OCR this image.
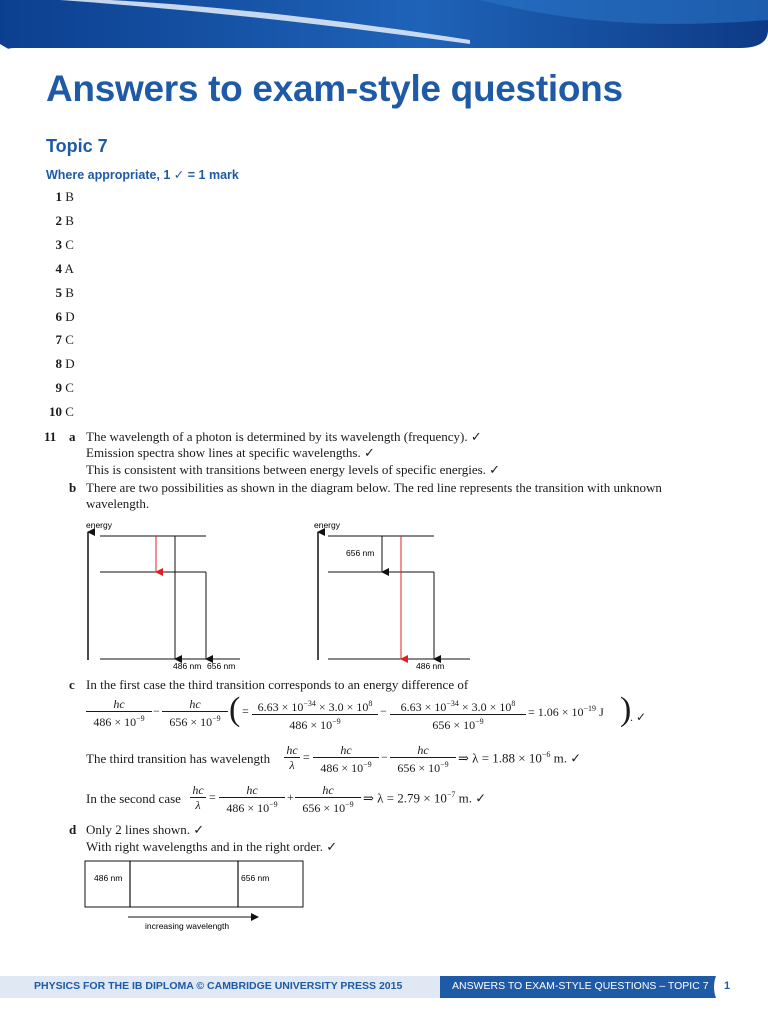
Answers to exam-style questions
Topic 7
Where appropriate, 1 ✓ = 1 mark
1 B
2 B
3 C
4 A
5 B
6 D
7 C
8 D
9 C
10 C
11 a The wavelength of a photon is determined by its wavelength (frequency). ✓
Emission spectra show lines at specific wavelengths. ✓
This is consistent with transitions between energy levels of specific energies. ✓
b There are two possibilities as shown in the diagram below. The red line represents the transition with unknown
wavelength.
energy
486 nm 656 nm
energy
656 nm
486 nm
c In the first case the third transition corresponds to an energy difference of
$\frac{hc}{486 \times 10^{-9}} - \frac{hc}{656 \times 10^{-9}}$ ( = $\frac{6.63 \times 10^{-34} \times 3.0 \times 10^8}{486 \times 10^{-9}} - \frac{6.63 \times 10^{-34} \times 3.0 \times 10^8}{656 \times 10^{-9}} = 1.06 \times 10^{-19}$ J )
. ✓
The third transition has wavelength $\frac{hc}{\lambda} = \frac{hc}{486 \times 10^{-9}} - \frac{hc}{656 \times 10^{-9}}$ ⇒ $\lambda = 1.88 \times 10^{-6}$ m. ✓
In the second case $\frac{hc}{\lambda} = \frac{hc}{486 \times 10^{-9}} + \frac{hc}{656 \times 10^{-9}}$ ⇒ $\lambda = 2.79 \times 10^{-7}$ m. ✓
d Only 2 lines shown. ✓
With right wavelengths and in the right order. ✓
486 nm	656 nm
increasing wavelength
PHYSICS FOR THE IB DIPLOMA © CAMBRIDGE UNIVERSITY PRESS 2015	ANSWERS TO EXAM-STYLE QUESTIONS – TOPIC 7 1
